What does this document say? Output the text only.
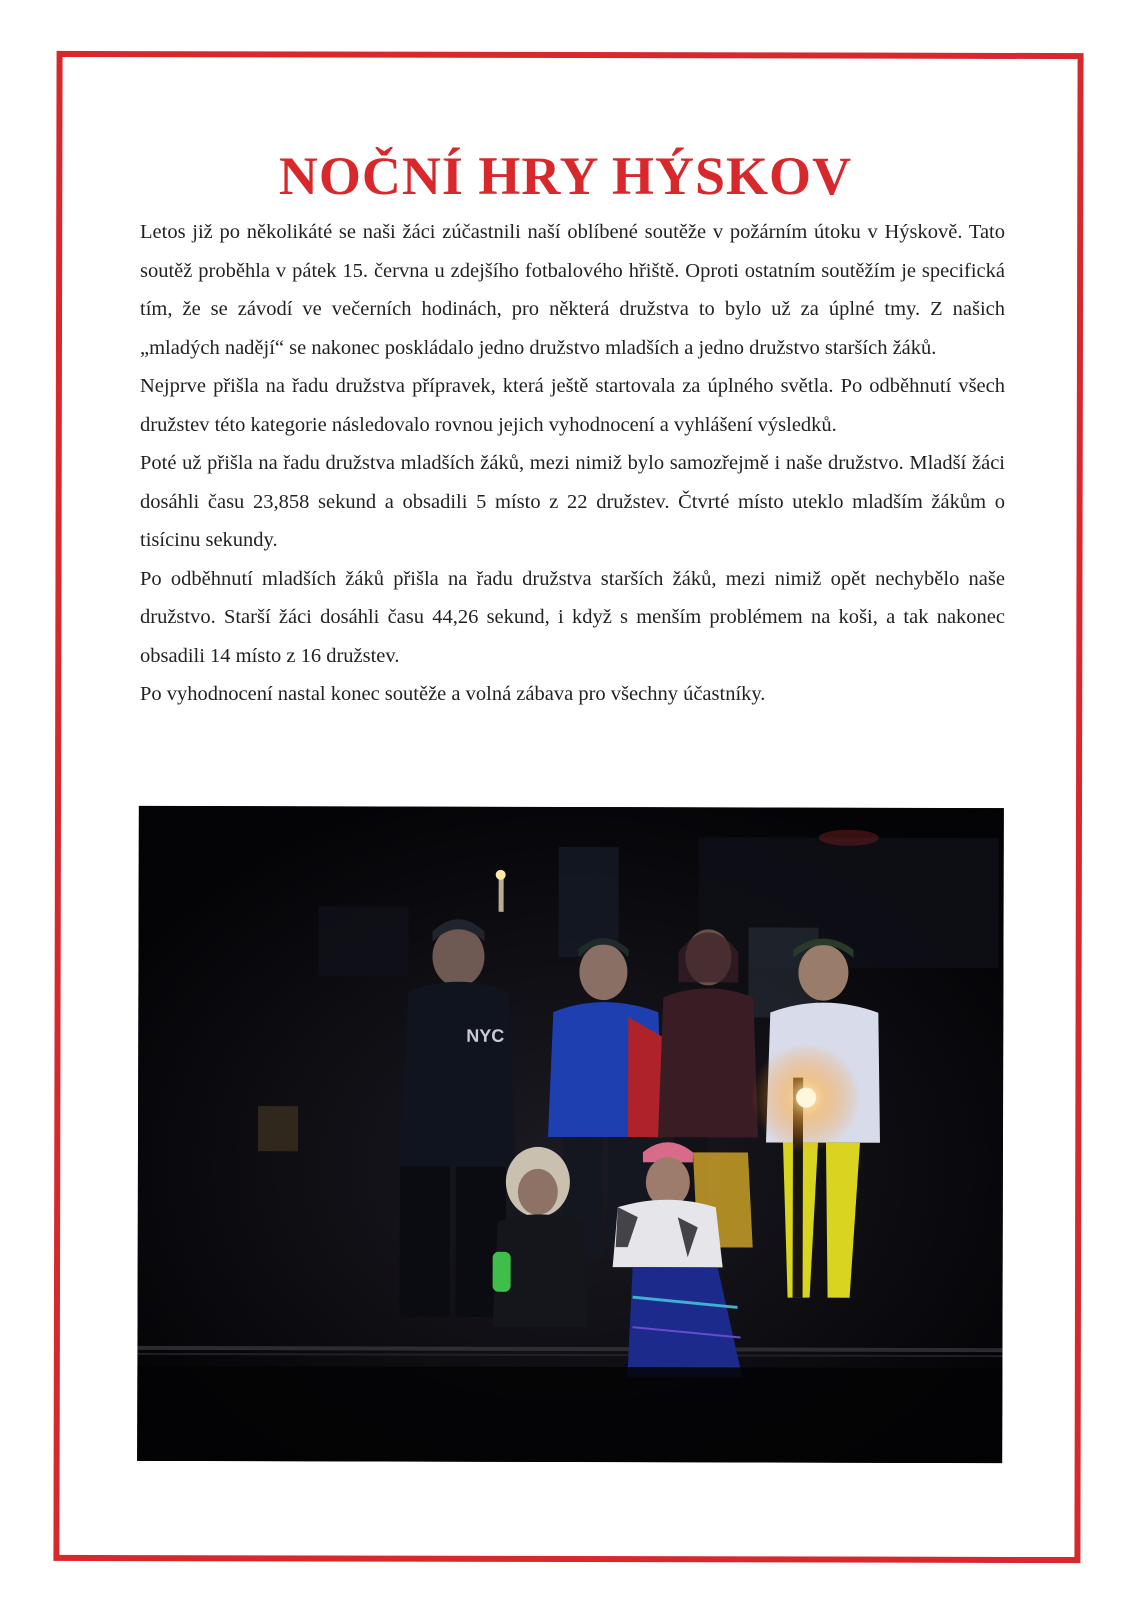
NOČNÍ HRY HÝSKOV

Letos již po několikáté se naši žáci zúčastnili naší oblíbené soutěže v požárním útoku v Hýskově. Tato soutěž proběhla v pátek 15. června u zdejšího fotbalového hřiště. Oproti ostatním soutěžím je specifická tím, že se závodí ve večerních hodinách, pro některá družstva to bylo už za úplné tmy. Z našich „mladých nadějí“ se nakonec poskládalo jedno družstvo mladších a jedno družstvo starších žáků.

Nejprve přišla na řadu družstva přípravek, která ještě startovala za úplného světla. Po odběhnutí všech družstev této kategorie následovalo rovnou jejich vyhodnocení a vyhlášení výsledků.

Poté už přišla na řadu družstva mladších žáků, mezi nimiž bylo samozřejmě i naše družstvo. Mladší žáci dosáhli času 23,858 sekund a obsadili 5 místo z 22 družstev. Čtvrté místo uteklo mladším žákům o tisícinu sekundy.

Po odběhnutí mladších žáků přišla na řadu družstva starších žáků, mezi nimiž opět nechybělo naše družstvo. Starší žáci dosáhli času 44,26 sekund, i když s menším problémem na koši, a tak nakonec obsadili 14 místo z 16 družstev.

Po vyhodnocení nastal konec soutěže a volná zábava pro všechny účastníky.

NYC
